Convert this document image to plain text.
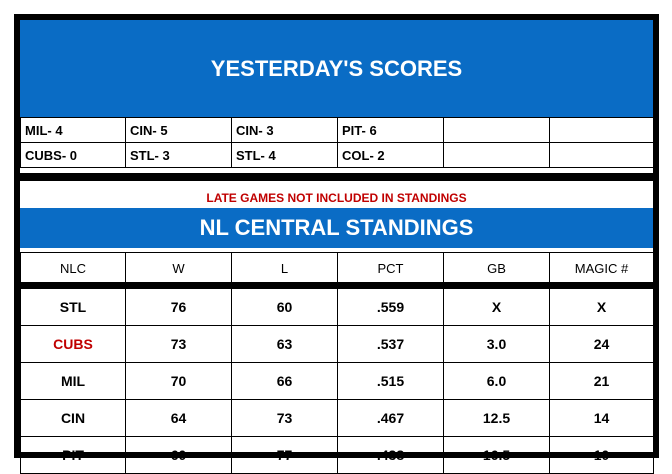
YESTERDAY'S SCORES
MIL- 4	CIN- 5	CIN- 3	PIT- 6		
CUBS- 0	STL- 3	STL- 4	COL- 2		
LATE GAMES NOT INCLUDED IN STANDINGS
NL CENTRAL STANDINGS
NLC	W	L	PCT	GB	MAGIC #
STL	76	60	.559	X	X
CUBS	73	63	.537	3.0	24
MIL	70	66	.515	6.0	21
CIN	64	73	.467	12.5	14
PIT	60	77	.438	16.5	10
